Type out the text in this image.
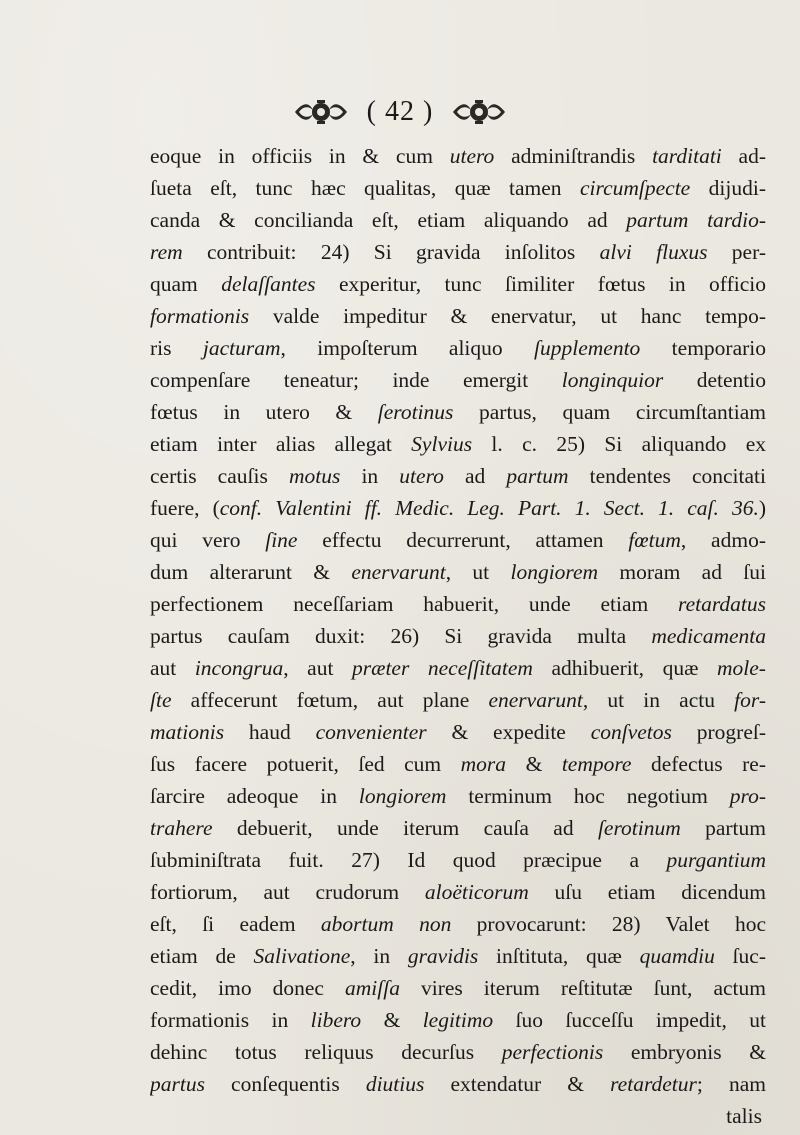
( 42 )
eoque in officiis in & cum utero adminiſtrandis tarditati ad-
ſueta eſt, tunc hæc qualitas, quæ tamen circumſpecte dijudi-
canda & concilianda eſt, etiam aliquando ad partum tardio-
rem contribuit: 24) Si gravida inſolitos alvi fluxus per-
quam delaſſantes experitur, tunc ſimiliter fœtus in officio
formationis valde impeditur & enervatur, ut hanc tempo-
ris jacturam, impoſterum aliquo ſupplemento temporario
compenſare teneatur; inde emergit longinquior detentio
fœtus in utero & ſerotinus partus, quam circumſtantiam
etiam inter alias allegat Sylvius l. c. 25) Si aliquando ex
certis cauſis motus in utero ad partum tendentes concitati
fuere, (conf. Valentini ff. Medic. Leg. Part. 1. Sect. 1. caſ. 36.)
qui vero ſine effectu decurrerunt, attamen fœtum, admo-
dum alterarunt & enervarunt, ut longiorem moram ad ſui
perfectionem neceſſariam habuerit, unde etiam retardatus
partus cauſam duxit: 26) Si gravida multa medicamenta
aut incongrua, aut præter neceſſitatem adhibuerit, quæ mole-
ſte affecerunt fœtum, aut plane enervarunt, ut in actu for-
mationis haud convenienter & expedite conſvetos progreſ-
ſus facere potuerit, ſed cum mora & tempore defectus re-
ſarcire adeoque in longiorem terminum hoc negotium pro-
trahere debuerit, unde iterum cauſa ad ſerotinum partum
ſubminiſtrata fuit. 27) Id quod præcipue a purgantium
fortiorum, aut crudorum aloëticorum uſu etiam dicendum
eſt, ſi eadem abortum non provocarunt: 28) Valet hoc
etiam de Salivatione, in gravidis inſtituta, quæ quamdiu ſuc-
cedit, imo donec amiſſa vires iterum reſtitutæ ſunt, actum
formationis in libero & legitimo ſuo ſucceſſu impedit, ut
dehinc totus reliquus decurſus perfectionis embryonis &
partus conſequentis diutius extendatur & retardetur; nam
talis
